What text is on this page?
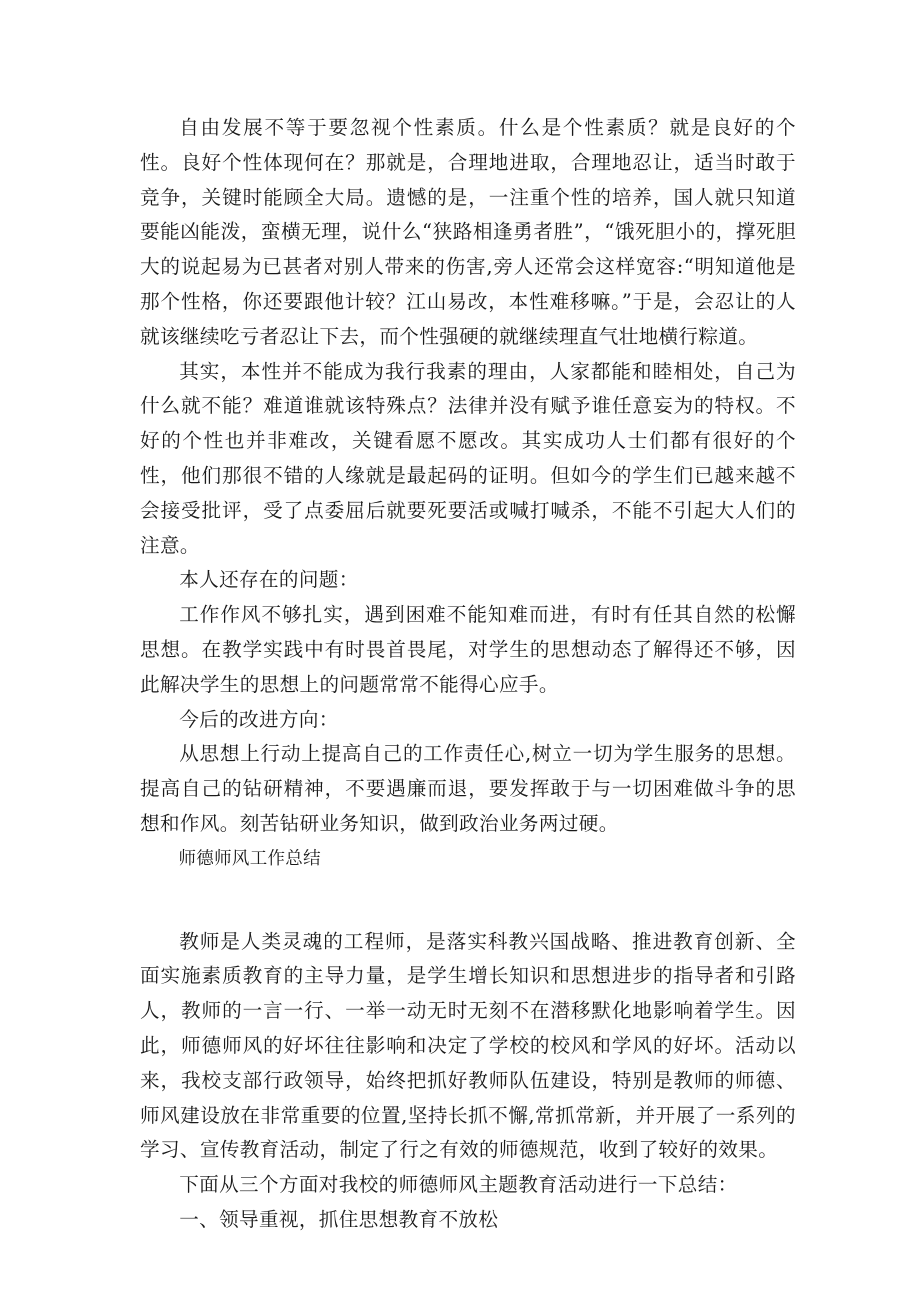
自由发展不等于要忽视个性素质。什么是个性素质？就是良好的个性。良好个性体现何在？那就是，合理地进取，合理地忍让，适当时敢于竞争，关键时能顾全大局。遗憾的是，一注重个性的培养，国人就只知道要能凶能泼，蛮横无理，说什么“狭路相逢勇者胜”，“饿死胆小的，撑死胆大的说起易为已甚者对别人带来的伤害,旁人还常会这样宽容:“明知道他是那个性格，你还要跟他计较？江山易改，本性难移嘛。”于是，会忍让的人就该继续吃亏者忍让下去，而个性强硬的就继续理直气壮地横行粽道。

其实，本性并不能成为我行我素的理由，人家都能和睦相处，自己为什么就不能？难道谁就该特殊点？法律并没有赋予谁任意妄为的特权。不好的个性也并非难改，关键看愿不愿改。其实成功人士们都有很好的个性，他们那很不错的人缘就是最起码的证明。但如今的学生们已越来越不会接受批评，受了点委屈后就要死要活或喊打喊杀，不能不引起大人们的注意。

本人还存在的问题：

工作作风不够扎实，遇到困难不能知难而进，有时有任其自然的松懈思想。在教学实践中有时畏首畏尾，对学生的思想动态了解得还不够，因此解决学生的思想上的问题常常不能得心应手。

今后的改进方向：

从思想上行动上提高自己的工作责任心,树立一切为学生服务的思想。提高自己的钻研精神，不要遇廉而退，要发挥敢于与一切困难做斗争的思想和作风。刻苦钻研业务知识，做到政治业务两过硬。

师德师风工作总结

教师是人类灵魂的工程师，是落实科教兴国战略、推进教育创新、全面实施素质教育的主导力量，是学生增长知识和思想进步的指导者和引路人，教师的一言一行、一举一动无时无刻不在潜移默化地影响着学生。因此，师德师风的好坏往往影响和决定了学校的校风和学风的好坏。活动以来，我校支部行政领导，始终把抓好教师队伍建设，特别是教师的师德、师风建设放在非常重要的位置,坚持长抓不懈,常抓常新，并开展了一系列的学习、宣传教育活动，制定了行之有效的师德规范，收到了较好的效果。

下面从三个方面对我校的师德师风主题教育活动进行一下总结：

一、领导重视，抓住思想教育不放松
